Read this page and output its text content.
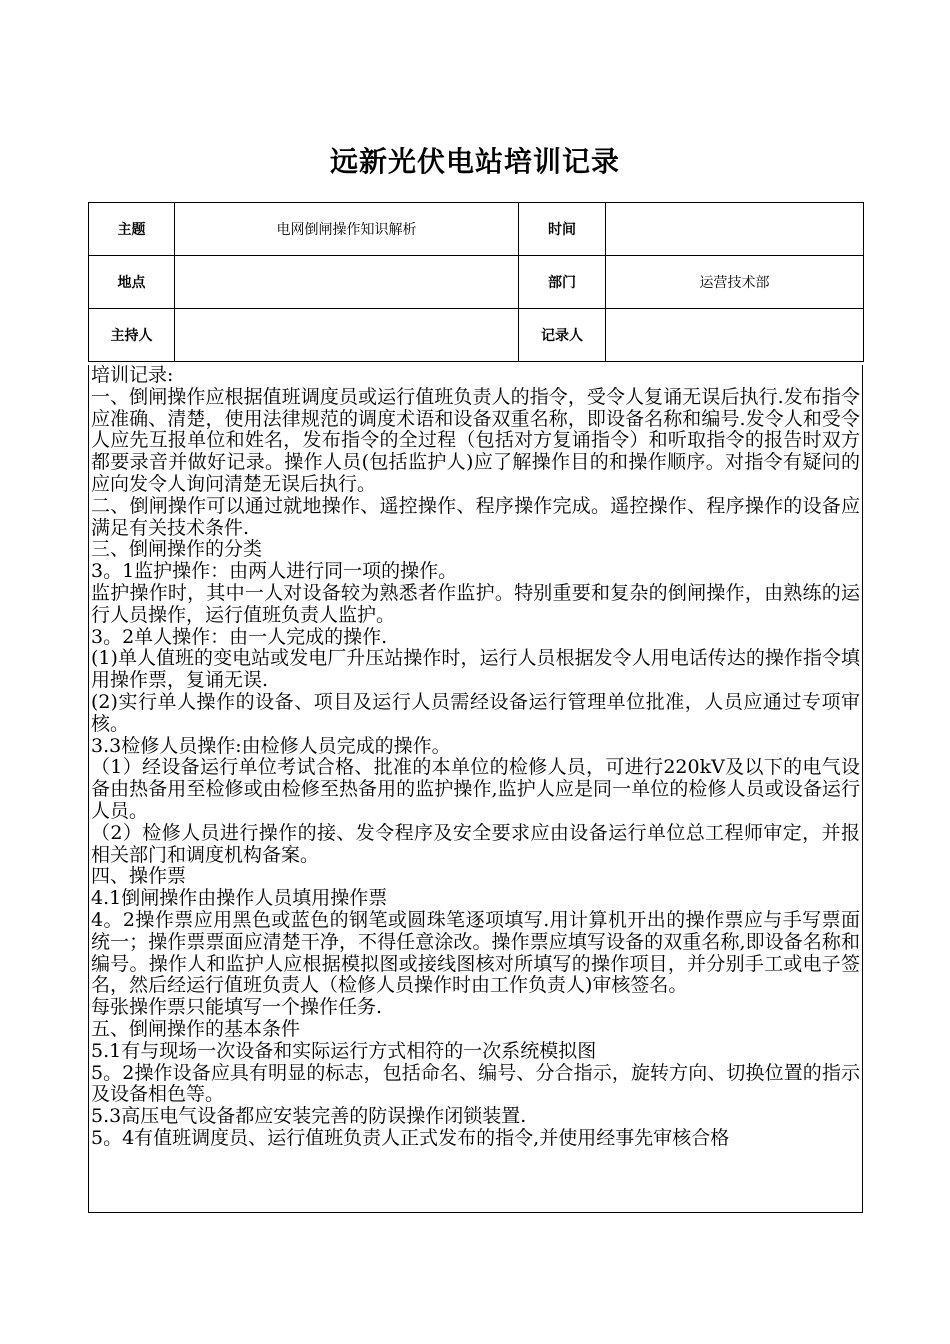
远新光伏电站培训记录
主题	电网倒闸操作知识解析	时间	
地点		部门	运营技术部
主持人		记录人	

培训记录:

一、倒闸操作应根据值班调度员或运行值班负责人的指令，受令人复诵无误后执行.发布指令应准确、清楚，使用法律规范的调度术语和设备双重名称，即设备名称和编号.发令人和受令人应先互报单位和姓名，发布指令的全过程（包括对方复诵指令）和听取指令的报告时双方都要录音并做好记录。操作人员(包括监护人)应了解操作目的和操作顺序。对指令有疑问的应向发令人询问清楚无误后执行。

二、倒闸操作可以通过就地操作、遥控操作、程序操作完成。遥控操作、程序操作的设备应满足有关技术条件.

三、倒闸操作的分类

3。1监护操作：由两人进行同一项的操作。

监护操作时，其中一人对设备较为熟悉者作监护。特别重要和复杂的倒闸操作，由熟练的运行人员操作，运行值班负责人监护。

3。2单人操作：由一人完成的操作.

(1)单人值班的变电站或发电厂升压站操作时，运行人员根据发令人用电话传达的操作指令填用操作票，复诵无误.

(2)实行单人操作的设备、项目及运行人员需经设备运行管理单位批准，人员应通过专项审核。

3.3检修人员操作:由检修人员完成的操作。

（1）经设备运行单位考试合格、批准的本单位的检修人员，可进行220kV及以下的电气设备由热备用至检修或由检修至热备用的监护操作,监护人应是同一单位的检修人员或设备运行人员。

（2）检修人员进行操作的接、发令程序及安全要求应由设备运行单位总工程师审定，并报相关部门和调度机构备案。

四、操作票

4.1倒闸操作由操作人员填用操作票

4。2操作票应用黑色或蓝色的钢笔或圆珠笔逐项填写.用计算机开出的操作票应与手写票面统一；操作票票面应清楚干净，不得任意涂改。操作票应填写设备的双重名称,即设备名称和编号。操作人和监护人应根据模拟图或接线图核对所填写的操作项目，并分别手工或电子签名，然后经运行值班负责人（检修人员操作时由工作负责人)审核签名。

每张操作票只能填写一个操作任务.

五、倒闸操作的基本条件

5.1有与现场一次设备和实际运行方式相符的一次系统模拟图

5。2操作设备应具有明显的标志，包括命名、编号、分合指示，旋转方向、切换位置的指示及设备相色等。

5.3高压电气设备都应安装完善的防误操作闭锁装置.

5。4有值班调度员、运行值班负责人正式发布的指令,并使用经事先审核合格
